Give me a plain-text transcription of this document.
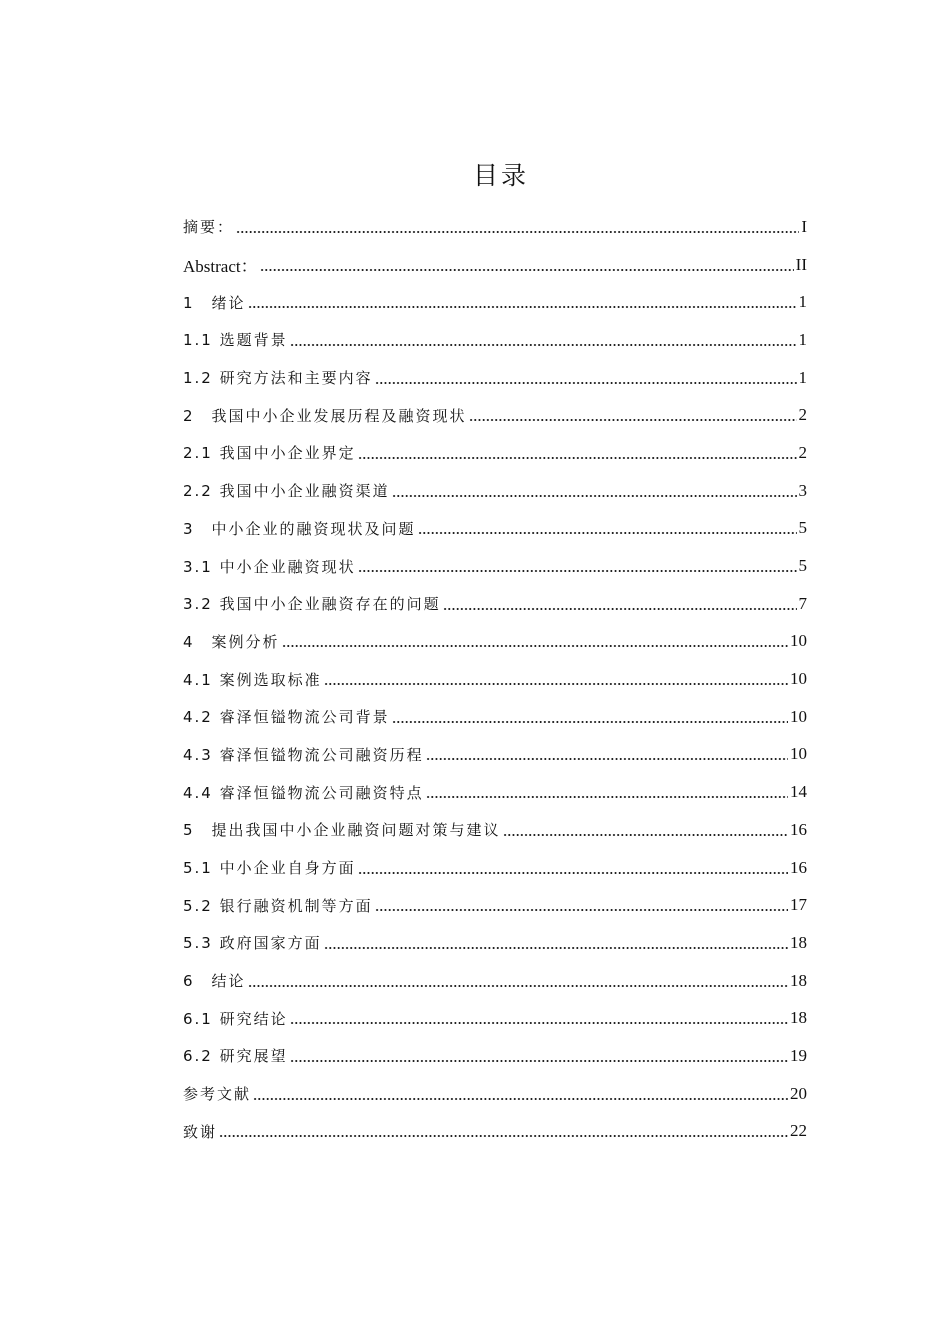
目录
摘要：	I
Abstract：	II
1　绪论	1
1.1 选题背景	1
1.2 研究方法和主要内容	1
2　我国中小企业发展历程及融资现状	2
2.1 我国中小企业界定	2
2.2 我国中小企业融资渠道	3
3　中小企业的融资现状及问题	5
3.1 中小企业融资现状	5
3.2 我国中小企业融资存在的问题	7
4　案例分析	10
4.1 案例选取标准	10
4.2 睿泽恒镒物流公司背景	10
4.3 睿泽恒镒物流公司融资历程	10
4.4 睿泽恒镒物流公司融资特点	14
5　提出我国中小企业融资问题对策与建议	16
5.1 中小企业自身方面	16
5.2 银行融资机制等方面	17
5.3 政府国家方面	18
6　结论	18
6.1 研究结论	18
6.2 研究展望	19
参考文献	20
致谢	22
